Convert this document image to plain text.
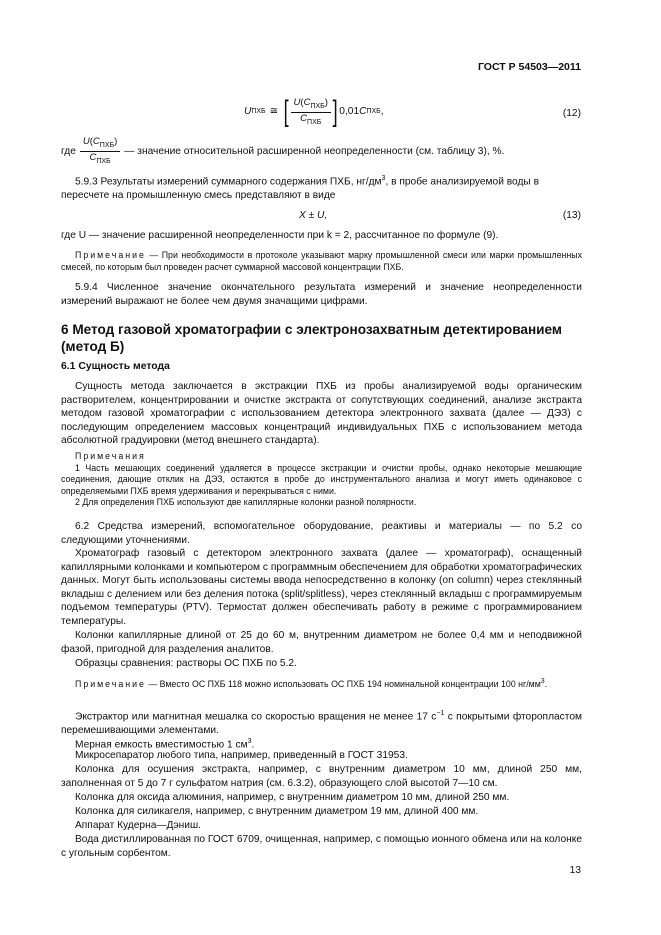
ГОСТ Р 54503—2011
U ПХБ ≅ [ $\frac{U(C_{ПХБ})}{C_{ПХБ}}$ ] 0,01 C ПХБ ,	(12)
где $\frac{U(C_{ПХБ})}{C_{ПХБ}}$ — значение относительной расширенной неопределенности (см. таблицу 3), %.
5.9.3 Результаты измерений суммарного содержания ПХБ, $нг/дм^3$, в пробе анализируемой воды в
пересчете на промышленную смесь представляют в виде
X ± U,	(13)
где U — значение расширенной неопределенности при k = 2, рассчитанное по формуле (9).
Примечание — При необходимости в протоколе указывают марку промышленной смеси или марки промышленных смесей, по которым был проведен расчет суммарной массовой концентрации ПХБ.
5.9.4 Численное значение окончательного результата измерений и значение неопределенности измерений выражают не более чем двумя значащими цифрами.
6 Метод газовой хроматографии с электронозахватным детектированием (метод Б)
6.1 Сущность метода
Сущность метода заключается в экстракции ПХБ из пробы анализируемой воды органическим растворителем, концентрировании и очистке экстракта от сопутствующих соединений, анализе экстракта методом газовой хроматографии с использованием детектора электронного захвата (далее — ДЭЗ) с последующим определением массовых концентраций индивидуальных ПХБ с использованием метода абсолютной градуировки (метод внешнего стандарта).
Примечания
1 Часть мешающих соединений удаляется в процессе экстракции и очистки пробы, однако некоторые мешающие соединения, дающие отклик на ДЭЗ, остаются в пробе до инструментального анализа и могут иметь одинаковое с определяемыми ПХБ время удерживания и перекрываться с ними.
2 Для определения ПХБ используют две капиллярные колонки разной полярности.
6.2 Средства измерений, вспомогательное оборудование, реактивы и материалы — по 5.2 со следующими уточнениями.
Хроматограф газовый с детектором электронного захвата (далее — хроматограф), оснащенный капиллярными колонками и компьютером с программным обеспечением для обработки хроматографических данных. Могут быть использованы системы ввода непосредственно в колонку (on column) через стеклянный вкладыш с делением или без деления потока (split/splitless), через стеклянный вкладыш с программируемым подъемом температуры (PTV). Термостат должен обеспечивать работу в режиме с программированием температуры.
Колонки капиллярные длиной от 25 до 60 м, внутренним диаметром не более 0,4 мм и неподвижной фазой, пригодной для разделения аналитов.
Образцы сравнения: растворы ОС ПХБ по 5.2.
Примечание — Вместо ОС ПХБ 118 можно использовать ОС ПХБ 194 номинальной концентрации 100 $нг/мм^3$.
Экстрактор или магнитная мешалка со скоростью вращения не менее 17 $с^{-1}$ с покрытыми фторопластом перемешивающими элементами.
Мерная емкость вместимостью 1 $см^3$.
Микросепаратор любого типа, например, приведенный в ГОСТ 31953.
Колонка для осушения экстракта, например, с внутренним диаметром 10 мм, длиной 250 мм, заполненная от 5 до 7 г сульфатом натрия (см. 6.3.2), образующего слой высотой 7—10 см.
Колонка для оксида алюминия, например, с внутренним диаметром 10 мм, длиной 250 мм.
Колонка для силикагеля, например, с внутренним диаметром 19 мм, длиной 400 мм.
Аппарат Кудерна—Дэниш.
Вода дистиллированная по ГОСТ 6709, очищенная, например, с помощью ионного обмена или на колонке с угольным сорбентом.
13
